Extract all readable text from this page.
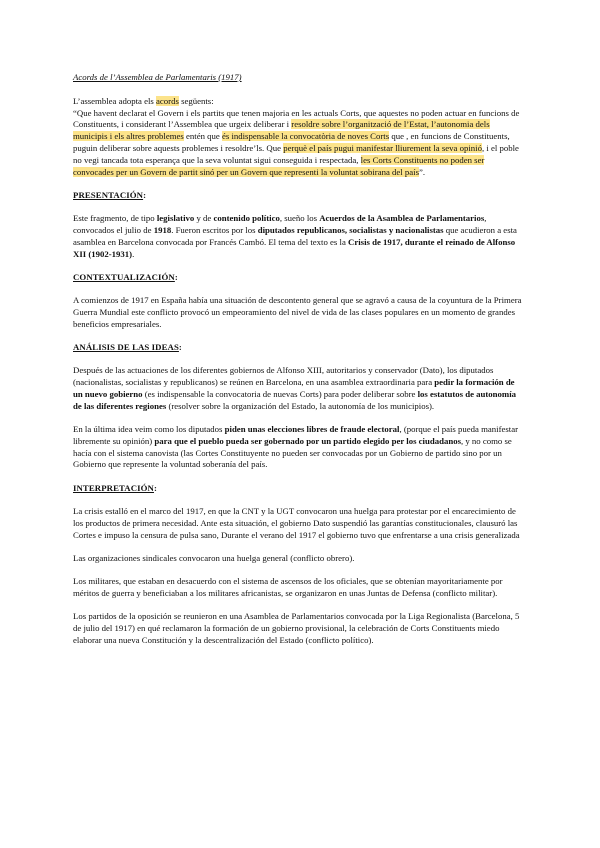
Acords de l’Assemblea de Parlamentaris (1917)
L’assemblea adopta els acords següents:
“Que havent declarat el Govern i els partits que tenen majoria en les actuals Corts, que aquestes no poden actuar en funcions de Constituents, i considerant l’Assemblea que urgeix deliberar i resoldre sobre l’organització de l’Estat, l’autonomia dels municipis i els altres problemes entén que és indispensable la convocatòria de noves Corts que , en funcions de Constituents, puguin deliberar sobre aquests problemes i resoldre’ls. Que perquè el país pugui manifestar lliurement la seva opinió, i el poble no vegi tancada tota esperança que la seva voluntat sigui conseguida i respectada, les Corts Constituents no poden ser convocades per un Govern de partit sinó per un Govern que representi la voluntat sobirana del país”.
PRESENTACIÓN:
Este fragmento, de tipo legislativo y de contenido político, sueño los Acuerdos de la Asamblea de Parlamentarios, convocados el julio de 1918. Fueron escritos por los diputados republicanos, socialistas y nacionalistas que acudieron a esta asamblea en Barcelona convocada por Francés Cambó. El tema del texto es la Crisis de 1917, durante el reinado de Alfonso XII (1902-1931).
CONTEXTUALIZACIÓN:
A comienzos de 1917 en España había una situación de descontento general que se agravó a causa de la coyuntura de la Primera Guerra Mundial este conflicto provocó un empeoramiento del nivel de vida de las clases populares en un momento de grandes beneficios empresariales.
ANÁLISIS DE LAS IDEAS:
Después de las actuaciones de los diferentes gobiernos de Alfonso XIII, autoritarios y conservador (Dato), los diputados (nacionalistas, socialistas y republicanos) se reúnen en Barcelona, en una asamblea extraordinaria para pedir la formación de un nuevo gobierno (es indispensable la convocatoria de nuevas Corts) para poder deliberar sobre los estatutos de autonomía de las diferentes regiones (resolver sobre la organización del Estado, la autonomía de los municipios).
En la última idea veim como los diputados piden unas elecciones libres de fraude electoral, (porque el país pueda manifestar libremente su opinión) para que el pueblo pueda ser gobernado por un partido elegido per los ciudadanos, y no como se hacía con el sistema canovista (las Cortes Constituyente no pueden ser convocadas por un Gobierno de partido sino por un Gobierno que represente la voluntad soberanía del país.
INTERPRETACIÓN:
La crisis estalló en el marco del 1917, en que la CNT y la UGT convocaron una huelga para protestar por el encarecimiento de los productos de primera necesidad. Ante esta situación, el gobierno Dato suspendió las garantías constitucionales, clausuró las Cortes e impuso la censura de pulsa sano, Durante el verano del 1917 el gobierno tuvo que enfrentarse a una crisis generalizada
Las organizaciones sindicales convocaron una huelga general (conflicto obrero).
Los militares, que estaban en desacuerdo con el sistema de ascensos de los oficiales, que se obtenían mayoritariamente por méritos de guerra y beneficiaban a los militares africanistas, se organizaron en unas Juntas de Defensa (conflicto militar).
Los partidos de la oposición se reunieron en una Asamblea de Parlamentarios convocada por la Liga Regionalista (Barcelona, 5 de julio del 1917) en qué reclamaron la formación de un gobierno provisional, la celebración de Corts Constituents miedo elaborar una nueva Constitución y la descentralización del Estado (conflicto político).
